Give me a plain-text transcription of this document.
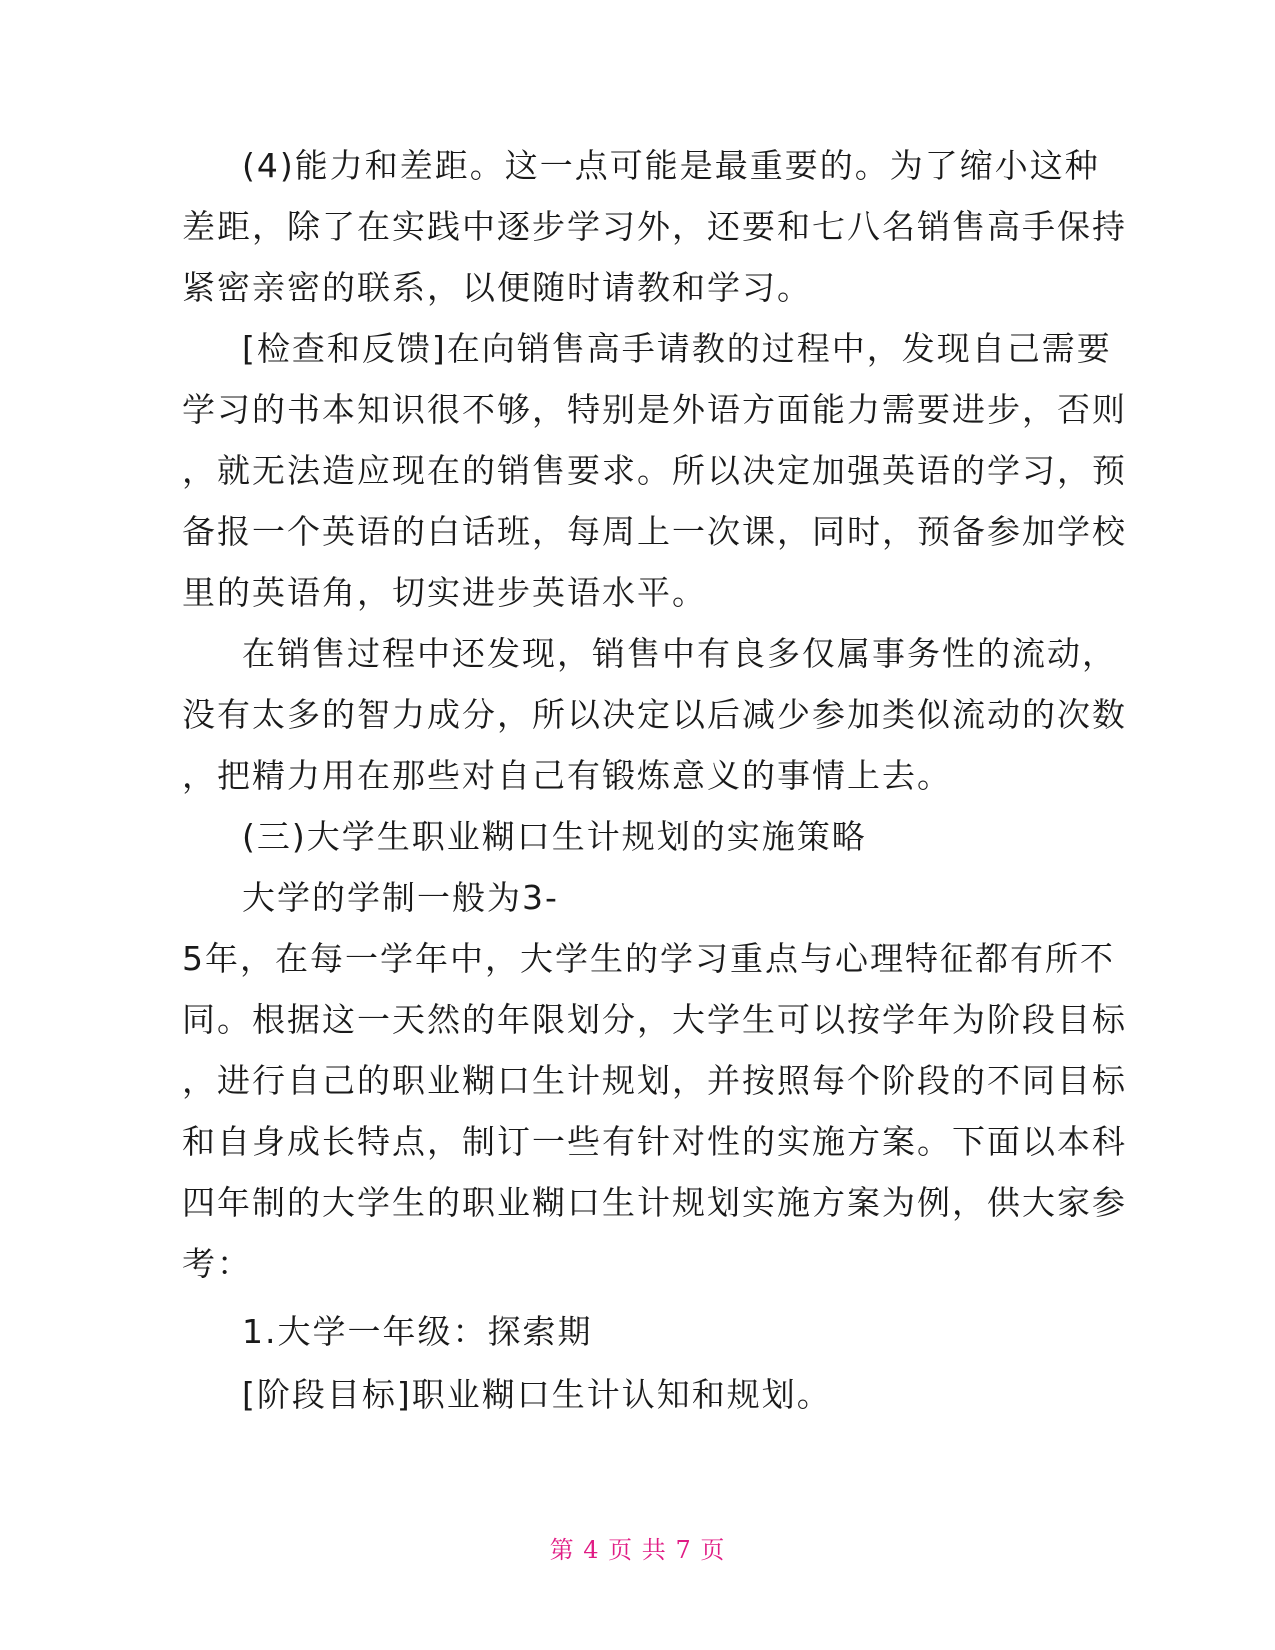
(4)能力和差距。这一点可能是最重要的。为了缩小这种
差距，除了在实践中逐步学习外，还要和七八名销售高手保持
紧密亲密的联系，以便随时请教和学习。
[检查和反馈]在向销售高手请教的过程中，发现自己需要
学习的书本知识很不够，特别是外语方面能力需要进步，否则
，就无法造应现在的销售要求。所以决定加强英语的学习，预
备报一个英语的白话班，每周上一次课，同时，预备参加学校
里的英语角，切实进步英语水平。
在销售过程中还发现，销售中有良多仅属事务性的流动，
没有太多的智力成分，所以决定以后减少参加类似流动的次数
，把精力用在那些对自己有锻炼意义的事情上去。
(三)大学生职业糊口生计规划的实施策略
大学的学制一般为3-
5年，在每一学年中，大学生的学习重点与心理特征都有所不
同。根据这一天然的年限划分，大学生可以按学年为阶段目标
，进行自己的职业糊口生计规划，并按照每个阶段的不同目标
和自身成长特点，制订一些有针对性的实施方案。下面以本科
四年制的大学生的职业糊口生计规划实施方案为例，供大家参
考：
1.大学一年级：探索期
[阶段目标]职业糊口生计认知和规划。
第 4 页 共 7 页
